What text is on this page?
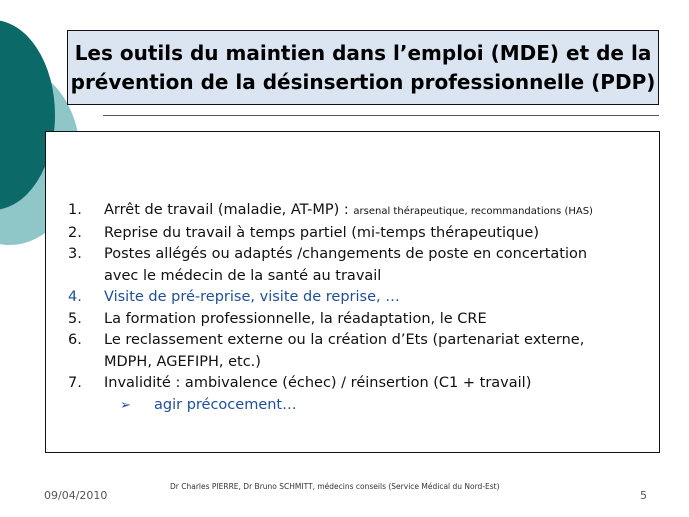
Les outils du maintien dans l’emploi (MDE) et de la
prévention de la désinsertion professionnelle (PDP)
1. Arrêt de travail (maladie, AT-MP) : arsenal thérapeutique, recommandations (HAS)
2. Reprise du travail à temps partiel (mi-temps thérapeutique)
3. Postes allégés ou adaptés /changements de poste en concertation
avec le médecin de la santé au travail
4. Visite de pré-reprise, visite de reprise, …
5. La formation professionnelle, la réadaptation, le CRE
6. Le reclassement externe ou la création d’Ets (partenariat externe,
MDPH, AGEFIPH, etc.)
7. Invalidité : ambivalence (échec) / réinsertion (C1 + travail)
➢ agir précocement…
09/04/2010
Dr Charles PIERRE, Dr Bruno SCHMITT, médecins conseils (Service Médical du Nord-Est)
5
